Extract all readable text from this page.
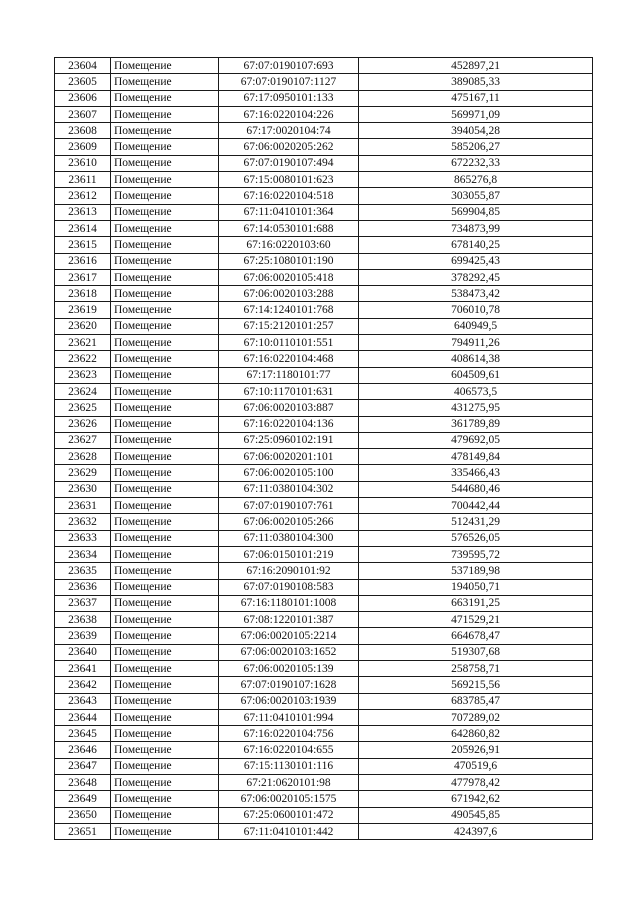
23604	Помещение	67:07:0190107:693	452897,21
23605	Помещение	67:07:0190107:1127	389085,33
23606	Помещение	67:17:0950101:133	475167,11
23607	Помещение	67:16:0220104:226	569971,09
23608	Помещение	67:17:0020104:74	394054,28
23609	Помещение	67:06:0020205:262	585206,27
23610	Помещение	67:07:0190107:494	672232,33
23611	Помещение	67:15:0080101:623	865276,8
23612	Помещение	67:16:0220104:518	303055,87
23613	Помещение	67:11:0410101:364	569904,85
23614	Помещение	67:14:0530101:688	734873,99
23615	Помещение	67:16:0220103:60	678140,25
23616	Помещение	67:25:1080101:190	699425,43
23617	Помещение	67:06:0020105:418	378292,45
23618	Помещение	67:06:0020103:288	538473,42
23619	Помещение	67:14:1240101:768	706010,78
23620	Помещение	67:15:2120101:257	640949,5
23621	Помещение	67:10:0110101:551	794911,26
23622	Помещение	67:16:0220104:468	408614,38
23623	Помещение	67:17:1180101:77	604509,61
23624	Помещение	67:10:1170101:631	406573,5
23625	Помещение	67:06:0020103:887	431275,95
23626	Помещение	67:16:0220104:136	361789,89
23627	Помещение	67:25:0960102:191	479692,05
23628	Помещение	67:06:0020201:101	478149,84
23629	Помещение	67:06:0020105:100	335466,43
23630	Помещение	67:11:0380104:302	544680,46
23631	Помещение	67:07:0190107:761	700442,44
23632	Помещение	67:06:0020105:266	512431,29
23633	Помещение	67:11:0380104:300	576526,05
23634	Помещение	67:06:0150101:219	739595,72
23635	Помещение	67:16:2090101:92	537189,98
23636	Помещение	67:07:0190108:583	194050,71
23637	Помещение	67:16:1180101:1008	663191,25
23638	Помещение	67:08:1220101:387	471529,21
23639	Помещение	67:06:0020105:2214	664678,47
23640	Помещение	67:06:0020103:1652	519307,68
23641	Помещение	67:06:0020105:139	258758,71
23642	Помещение	67:07:0190107:1628	569215,56
23643	Помещение	67:06:0020103:1939	683785,47
23644	Помещение	67:11:0410101:994	707289,02
23645	Помещение	67:16:0220104:756	642860,82
23646	Помещение	67:16:0220104:655	205926,91
23647	Помещение	67:15:1130101:116	470519,6
23648	Помещение	67:21:0620101:98	477978,42
23649	Помещение	67:06:0020105:1575	671942,62
23650	Помещение	67:25:0600101:472	490545,85
23651	Помещение	67:11:0410101:442	424397,6
